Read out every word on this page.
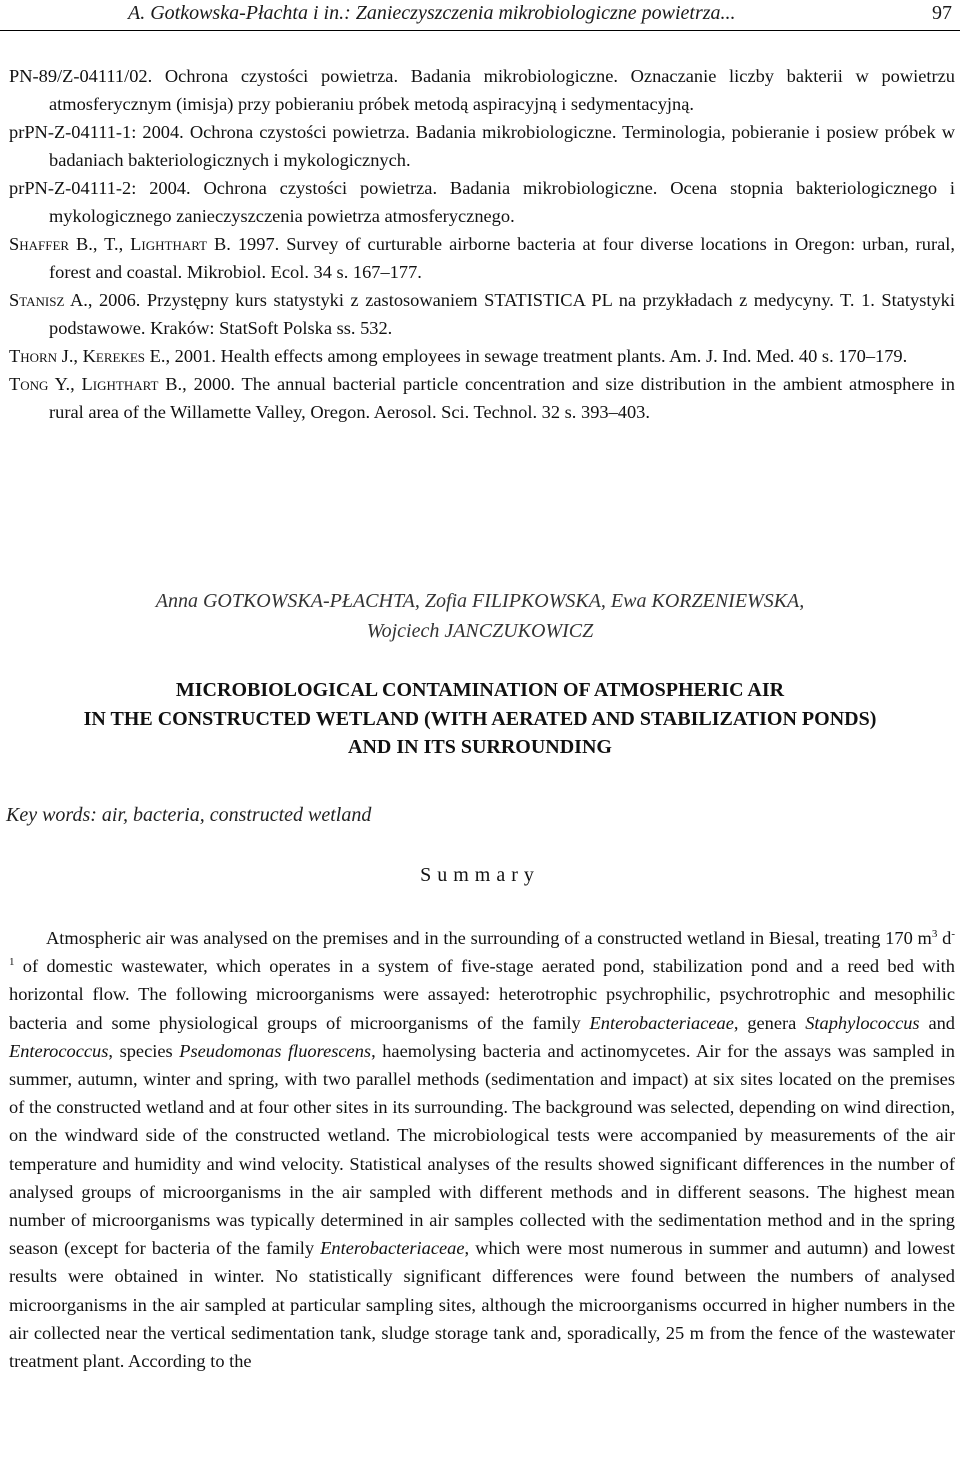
A. Gotkowska-Płachta i in.: Zanieczyszczenia mikrobiologiczne powietrza...	97

PN-89/Z-04111/02. Ochrona czystości powietrza. Badania mikrobiologiczne. Oznaczanie liczby bakterii w powietrzu atmosferycznym (imisja) przy pobieraniu próbek metodą aspiracyjną i sedymentacyjną.

prPN-Z-04111-1: 2004. Ochrona czystości powietrza. Badania mikrobiologiczne. Terminologia, pobieranie i posiew próbek w badaniach bakteriologicznych i mykologicznych.

prPN-Z-04111-2: 2004. Ochrona czystości powietrza. Badania mikrobiologiczne. Ocena stopnia bakteriologicznego i mykologicznego zanieczyszczenia powietrza atmosferycznego.

Shaffer B., T., Lighthart B. 1997. Survey of curturable airborne bacteria at four diverse locations in Oregon: urban, rural, forest and coastal. Mikrobiol. Ecol. 34 s. 167–177.

Stanisz A., 2006. Przystępny kurs statystyki z zastosowaniem STATISTICA PL na przykładach z medycyny. T. 1. Statystyki podstawowe. Kraków: StatSoft Polska ss. 532.

Thorn J., Kerekes E., 2001. Health effects among employees in sewage treatment plants. Am. J. Ind. Med. 40 s. 170–179.

Tong Y., Lighthart B., 2000. The annual bacterial particle concentration and size distribution in the ambient atmosphere in rural area of the Willamette Valley, Oregon. Aerosol. Sci. Technol. 32 s. 393–403.

Anna GOTKOWSKA-PŁACHTA, Zofia FILIPKOWSKA, Ewa KORZENIEWSKA,
Wojciech JANCZUKOWICZ
MICROBIOLOGICAL CONTAMINATION OF ATMOSPHERIC AIR
IN THE CONSTRUCTED WETLAND (WITH AERATED AND STABILIZATION PONDS)
AND IN ITS SURROUNDING
Key words: air, bacteria, constructed wetland
Summary

Atmospheric air was analysed on the premises and in the surrounding of a constructed wetland in Biesal, treating 170 $m^3$ $d^{-1}$ of domestic wastewater, which operates in a system of five-stage aerated pond, stabilization pond and a reed bed with horizontal flow. The following microorganisms were assayed: heterotrophic psychrophilic, psychrotrophic and mesophilic bacteria and some physiological groups of microorganisms of the family Enterobacteriaceae, genera Staphylococcus and Enterococcus, species Pseudomonas fluorescens, haemolysing bacteria and actinomycetes. Air for the assays was sampled in summer, autumn, winter and spring, with two parallel methods (sedimentation and impact) at six sites located on the premises of the constructed wetland and at four other sites in its surrounding. The background was selected, depending on wind direction, on the windward side of the constructed wetland. The microbiological tests were accompanied by measurements of the air temperature and humidity and wind velocity. Statistical analyses of the results showed significant differences in the number of analysed groups of microorganisms in the air sampled with different methods and in different seasons. The highest mean number of microorganisms was typically determined in air samples collected with the sedimentation method and in the spring season (except for bacteria of the family Enterobacteriaceae, which were most numerous in summer and autumn) and lowest results were obtained in winter. No statistically significant differences were found between the numbers of analysed microorganisms in the air sampled at particular sampling sites, although the microorganisms occurred in higher numbers in the air collected near the vertical sedimentation tank, sludge storage tank and, sporadically, 25 m from the fence of the wastewater treatment plant. According to the
